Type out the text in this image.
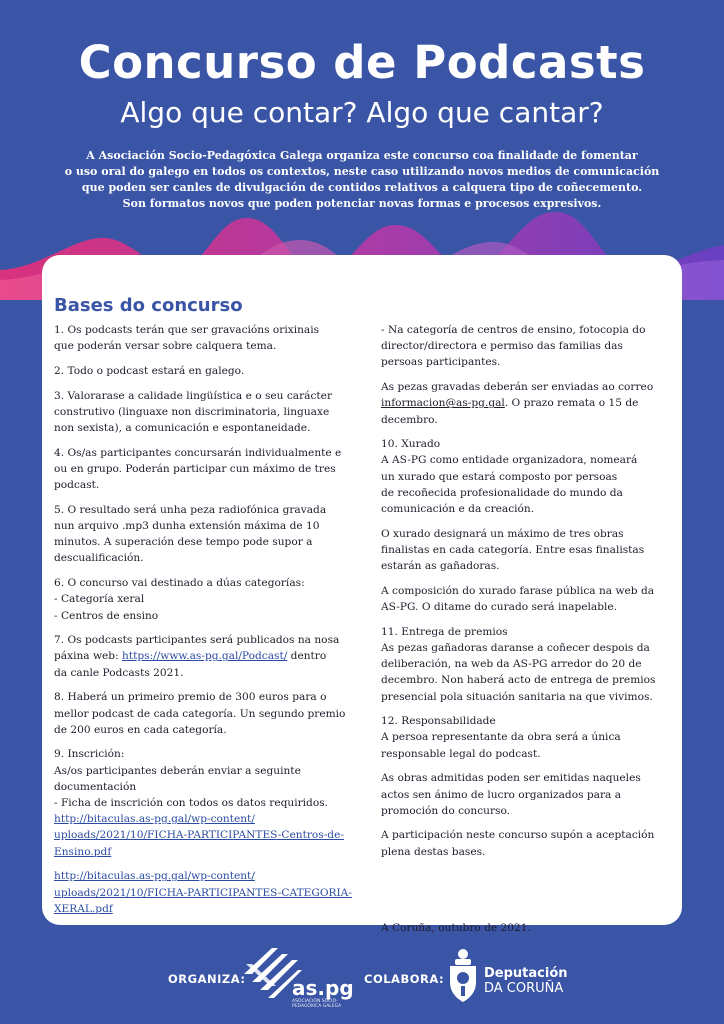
Concurso de Podcasts
Algo que contar? Algo que cantar?
A Asociación Socio-Pedagóxica Galega organiza este concurso coa finalidade de fomentar
o uso oral do galego en todos os contextos, neste caso utilizando novos medios de comunicación
que poden ser canles de divulgación de contidos relativos a calquera tipo de coñecemento.
Son formatos novos que poden potenciar novas formas e procesos expresivos.
Bases do concurso

1. Os podcasts terán que ser gravacións orixinais
que poderán versar sobre calquera tema.

2. Todo o podcast estará en galego.

3. Valorarase a calidade lingüística e o seu carácter
construtivo (linguaxe non discriminatoria, linguaxe
non sexista), a comunicación e espontaneidade.

4. Os/as participantes concursarán individualmente e
ou en grupo. Poderán participar cun máximo de tres
podcast.

5. O resultado será unha peza radiofónica gravada
nun arquivo .mp3 dunha extensión máxima de 10
minutos. A superación dese tempo pode supor a
descualificación.

6. O concurso vai destinado a dúas categorías:
- Categoría xeral
- Centros de ensino

7. Os podcasts participantes será publicados na nosa
páxina web: https://www.as-pg.gal/Podcast/ dentro
da canle Podcasts 2021.

8. Haberá un primeiro premio de 300 euros para o
mellor podcast de cada categoría. Un segundo premio
de 200 euros en cada categoría.

9. Inscrición:
As/os participantes deberán enviar a seguinte
documentación
- Ficha de inscrición con todos os datos requiridos.

http://bitaculas.as-pg.gal/wp-content/
uploads/2021/10/FICHA-PARTICIPANTES-Centros-de-
Ensino.pdf

http://bitaculas.as-pg.gal/wp-content/
uploads/2021/10/FICHA-PARTICIPANTES-CATEGORIA-
XERAL.pdf

- Na categoría de centros de ensino, fotocopia do
director/directora e permiso das familias das
persoas participantes.

As pezas gravadas deberán ser enviadas ao correo
informacion@as-pg.gal. O prazo remata o 15 de
decembro.

10. Xurado
A AS-PG como entidade organizadora, nomeará
un xurado que estará composto por persoas
de recoñecida profesionalidade do mundo da
comunicación e da creación.

O xurado designará un máximo de tres obras
finalistas en cada categoría. Entre esas finalistas
estarán as gañadoras.

A composición do xurado farase pública na web da
AS-PG. O ditame do curado será inapelable.

11. Entrega de premios
As pezas gañadoras daranse a coñecer despois da
deliberación, na web da AS-PG arredor do 20 de
decembro. Non haberá acto de entrega de premios
presencial pola situación sanitaria na que vivimos.

12. Responsabilidade
A persoa representante da obra será a única
responsable legal do podcast.

As obras admitidas poden ser emitidas naqueles
actos sen ánimo de lucro organizados para a
promoción do concurso.

A participación neste concurso supón a aceptación
plena destas bases.

A Coruña, outubro de 2021.

ORGANIZA: as.pg
ASOCIACIÓN SOCIO-PEDAGÓXICA GALEGA
COLABORA:	Deputación
DA CORUÑA
